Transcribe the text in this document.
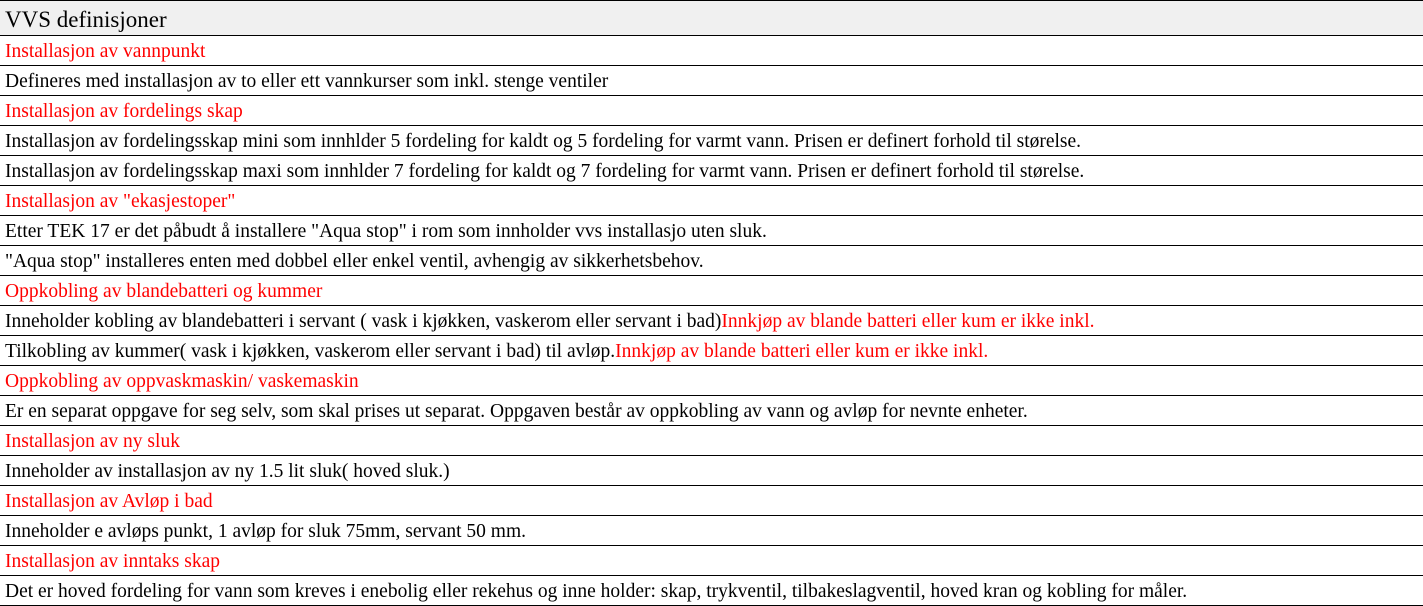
VVS definisjoner
Installasjon av vannpunkt
Defineres med installasjon av to eller ett vannkurser som inkl. stenge ventiler
Installasjon av fordelings skap
Installasjon av fordelingsskap mini som innhlder 5 fordeling for kaldt og 5 fordeling for varmt vann. Prisen er definert forhold til størelse.
Installasjon av fordelingsskap maxi som innhlder 7 fordeling for kaldt og 7 fordeling for varmt vann. Prisen er definert forhold til størelse.
Installasjon av "ekasjestoper"
Etter TEK 17 er det påbudt å installere "Aqua stop" i rom som innholder vvs installasjo uten sluk.
"Aqua stop" installeres enten med dobbel eller enkel ventil, avhengig av sikkerhetsbehov.
Oppkobling av blandebatteri og kummer
Inneholder kobling av blandebatteri i servant ( vask i kjøkken, vaskerom eller servant i bad)Innkjøp av blande batteri eller kum er ikke inkl.
Tilkobling av kummer( vask i kjøkken, vaskerom eller servant i bad) til avløp.Innkjøp av blande batteri eller kum er ikke inkl.
Oppkobling av oppvaskmaskin/ vaskemaskin
Er en separat oppgave for seg selv, som skal prises ut separat. Oppgaven består av oppkobling av vann og avløp for nevnte enheter.
Installasjon av ny sluk
Inneholder av installasjon av ny 1.5 lit sluk( hoved sluk.)
Installasjon av Avløp i bad
Inneholder e avløps punkt, 1 avløp for sluk 75mm, servant 50 mm.
Installasjon av inntaks skap
Det er hoved fordeling for vann som kreves i enebolig eller rekehus og inne holder: skap, trykventil, tilbakeslagventil, hoved kran og kobling for måler.
